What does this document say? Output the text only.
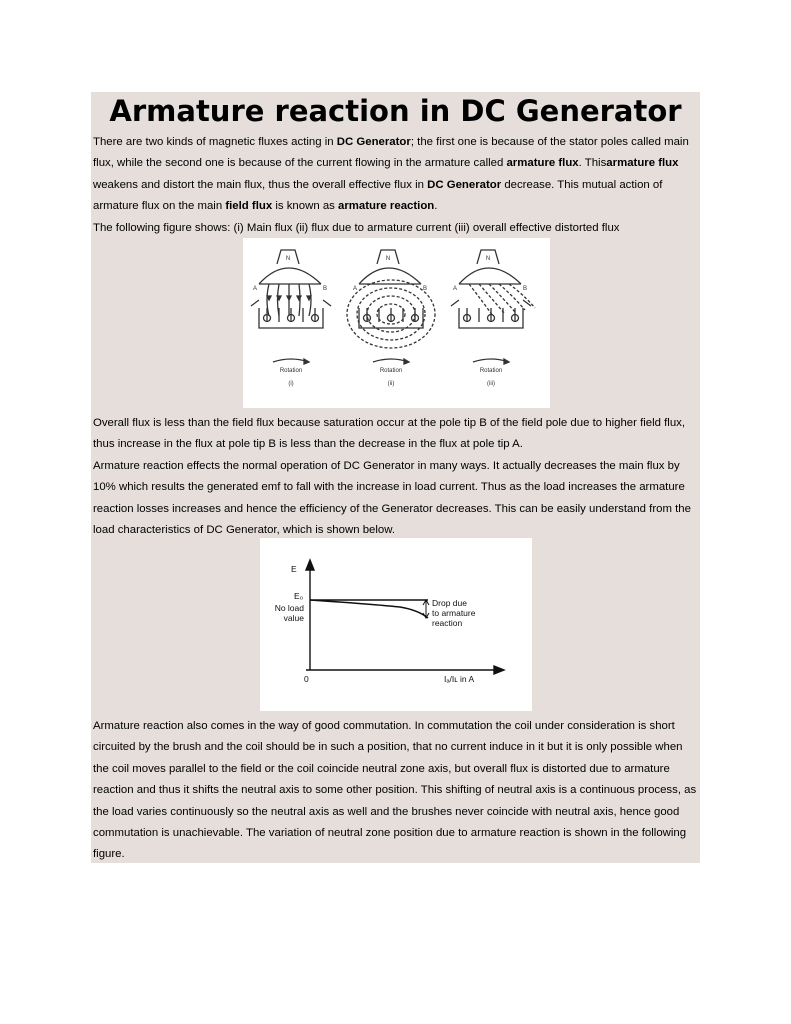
Armature reaction in DC Generator

There are two kinds of magnetic fluxes acting in DC Generator; the first one is because of the stator poles called main flux, while the second one is because of the current flowing in the armature called armature flux. Thisarmature flux weakens and distort the main flux, thus the overall effective flux in DC Generator decrease. This mutual action of armature flux on the main field flux is known as armature reaction.

The following figure shows: (i) Main flux (ii) flux due to armature current (iii) overall effective distorted flux

N	N	N
A	B	A	B	A	B
Rotation	Rotation	Rotation
(i)	(ii)	(iii)

Overall flux is less than the field flux because saturation occur at the pole tip B of the field pole due to higher field flux, thus increase in the flux at pole tip B is less than the decrease in the flux at pole tip A.

Armature reaction effects the normal operation of DC Generator in many ways. It actually decreases the main flux by 10% which results the generated emf to fall with the increase in load current. Thus as the load increases the armature reaction losses increases and hence the efficiency of the Generator decreases. This can be easily understand from the load characteristics of DC Generator, which is shown below.

E
E₀
No load
value
Drop due
to armature
reaction
0	Iₐ/Iʟ in A

Armature reaction also comes in the way of good commutation. In commutation the coil under consideration is short circuited by the brush and the coil should be in such a position, that no current induce in it but it is only possible when the coil moves parallel to the field or the coil coincide neutral zone axis, but overall flux is distorted due to armature reaction and thus it shifts the neutral axis to some other position. This shifting of neutral axis is a continuous process, as the load varies continuously so the neutral axis as well and the brushes never coincide with neutral axis, hence good commutation is unachievable. The variation of neutral zone position due to armature reaction is shown in the following figure.
